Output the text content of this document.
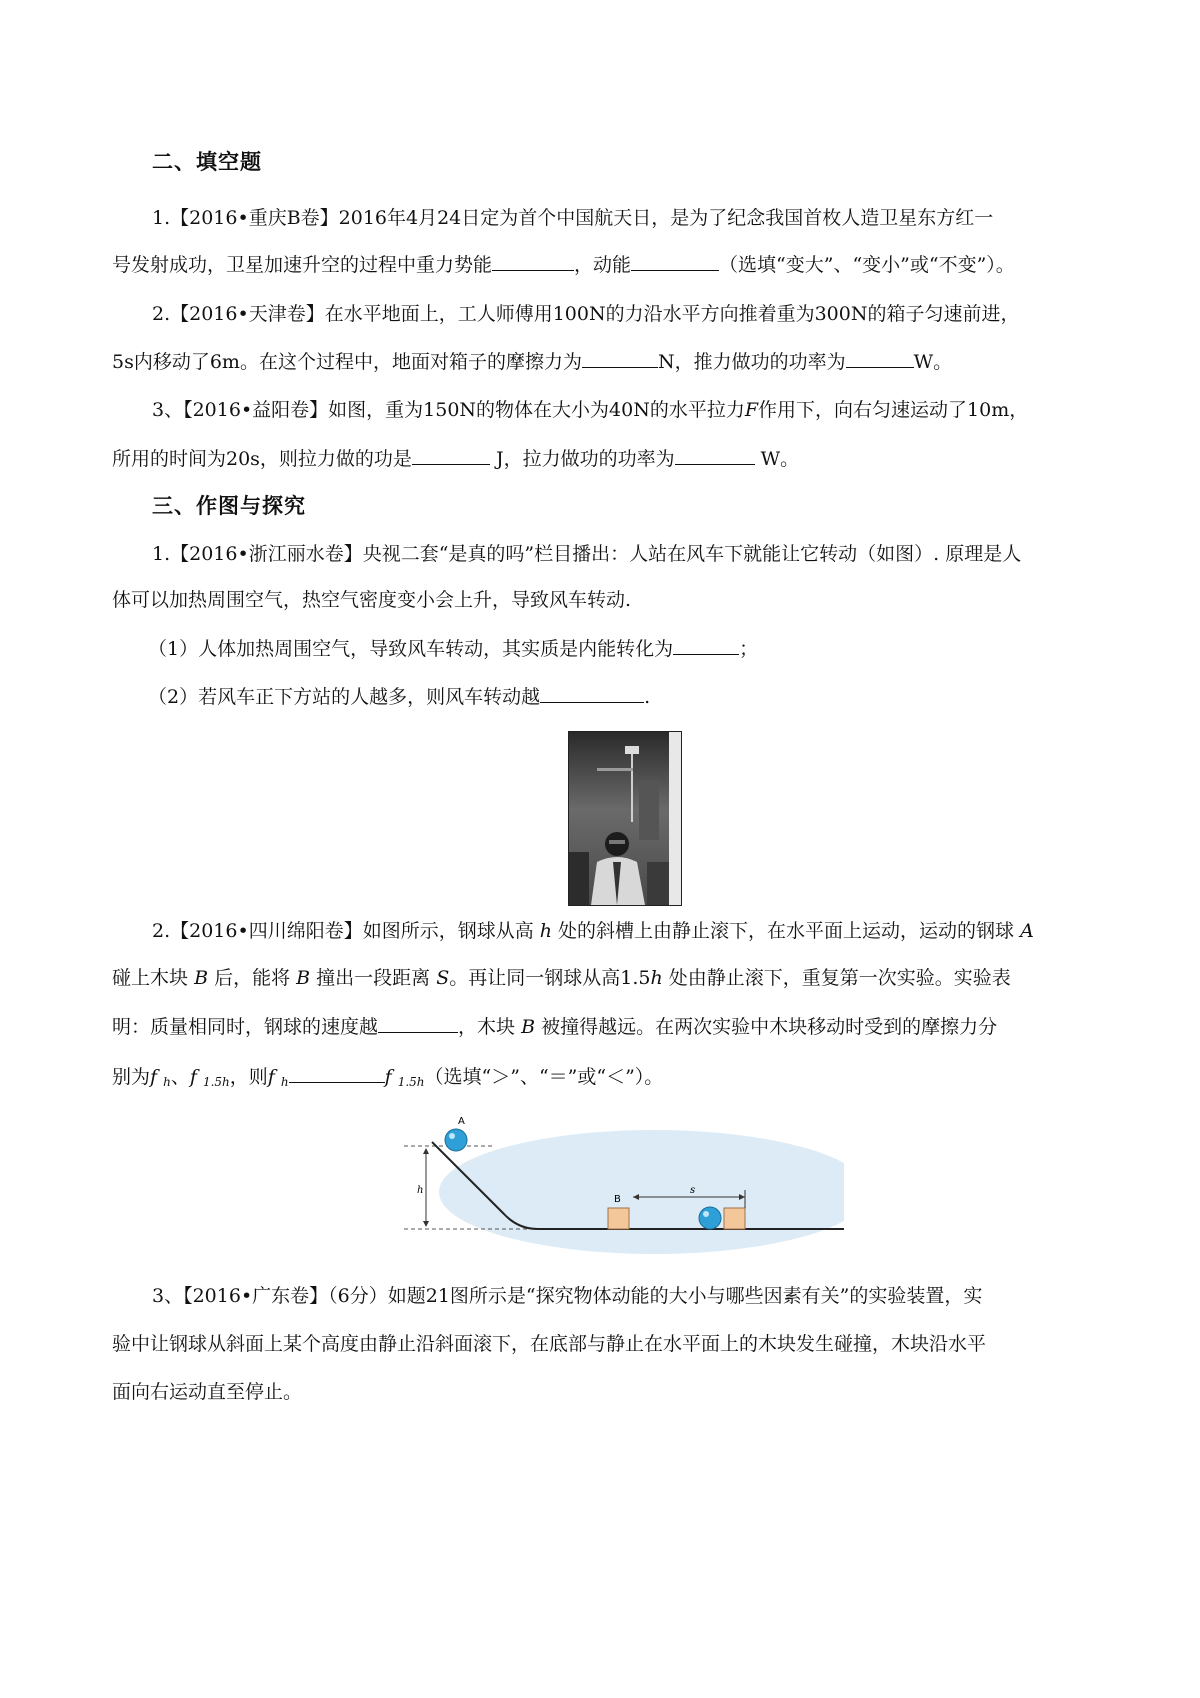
二、填空题
1.【2016•重庆B卷】2016年4月24日定为首个中国航天日，是为了纪念我国首枚人造卫星东方红一
号发射成功，卫星加速升空的过程中重力势能	，动能	（选填“变大”、“变小”或“不变”）。
2.【2016•天津卷】在水平地面上，工人师傅用100N的力沿水平方向推着重为300N的箱子匀速前进，
5s内移动了6m。在这个过程中，地面对箱子的摩擦力为	N，推力做功的功率为	W。
3、【2016•益阳卷】如图，重为150N的物体在大小为40N的水平拉力F作用下，向右匀速运动了10m，
所用的时间为20s，则拉力做的功是	J，拉力做功的功率为	W。
三、作图与探究
1.【2016•浙江丽水卷】央视二套“是真的吗”栏目播出：人站在风车下就能让它转动（如图）. 原理是人
体可以加热周围空气，热空气密度变小会上升，导致风车转动.
（1）人体加热周围空气，导致风车转动，其实质是内能转化为	；
（2）若风车正下方站的人越多，则风车转动越	.
2.【2016•四川绵阳卷】如图所示，钢球从高 h 处的斜槽上由静止滚下，在水平面上运动，运动的钢球 A
碰上木块 B 后，能将 B 撞出一段距离 S。再让同一钢球从高1.5h 处由静止滚下，重复第一次实验。实验表
明：质量相同时，钢球的速度越	，木块 B 被撞得越远。在两次实验中木块移动时受到的摩擦力分
别为f $_h$、f $_{1.5h}$，则f $_h$	f $_{1.5h}$（选填“＞”、“＝”或“＜”）。
h
A
B
s
3、【2016•广东卷】（6分）如题21图所示是“探究物体动能的大小与哪些因素有关”的实验装置，实
验中让钢球从斜面上某个高度由静止沿斜面滚下，在底部与静止在水平面上的木块发生碰撞，木块沿水平
面向右运动直至停止。
